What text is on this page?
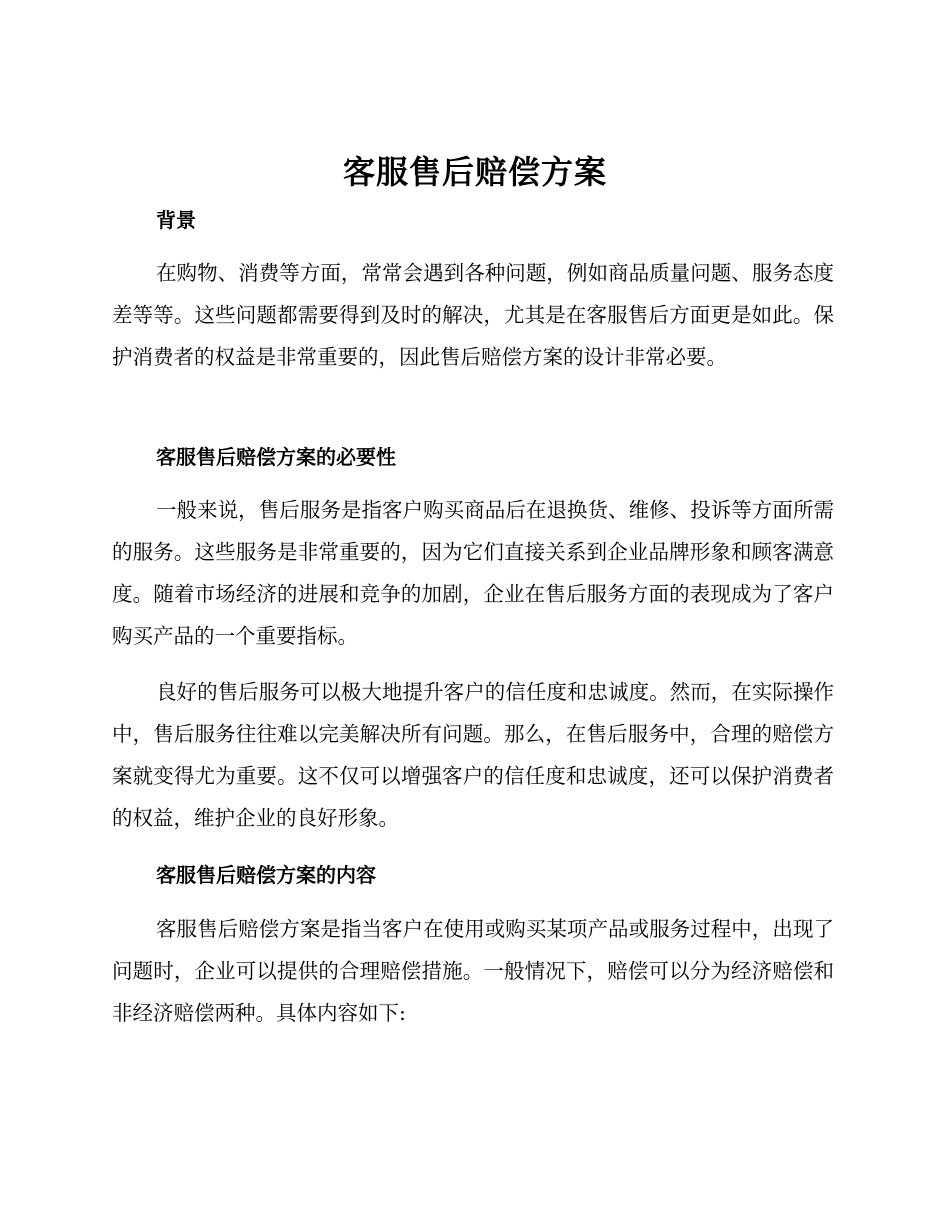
客服售后赔偿方案
背景

在购物、消费等方面，常常会遇到各种问题，例如商品质量问题、服务态度差等等。这些问题都需要得到及时的解决，尤其是在客服售后方面更是如此。保护消费者的权益是非常重要的，因此售后赔偿方案的设计非常必要。

客服售后赔偿方案的必要性

一般来说，售后服务是指客户购买商品后在退换货、维修、投诉等方面所需的服务。这些服务是非常重要的，因为它们直接关系到企业品牌形象和顾客满意度。随着市场经济的进展和竞争的加剧，企业在售后服务方面的表现成为了客户购买产品的一个重要指标。

良好的售后服务可以极大地提升客户的信任度和忠诚度。然而，在实际操作中，售后服务往往难以完美解决所有问题。那么，在售后服务中，合理的赔偿方案就变得尤为重要。这不仅可以增强客户的信任度和忠诚度，还可以保护消费者的权益，维护企业的良好形象。

客服售后赔偿方案的内容

客服售后赔偿方案是指当客户在使用或购买某项产品或服务过程中，出现了问题时，企业可以提供的合理赔偿措施。一般情况下，赔偿可以分为经济赔偿和非经济赔偿两种。具体内容如下:
